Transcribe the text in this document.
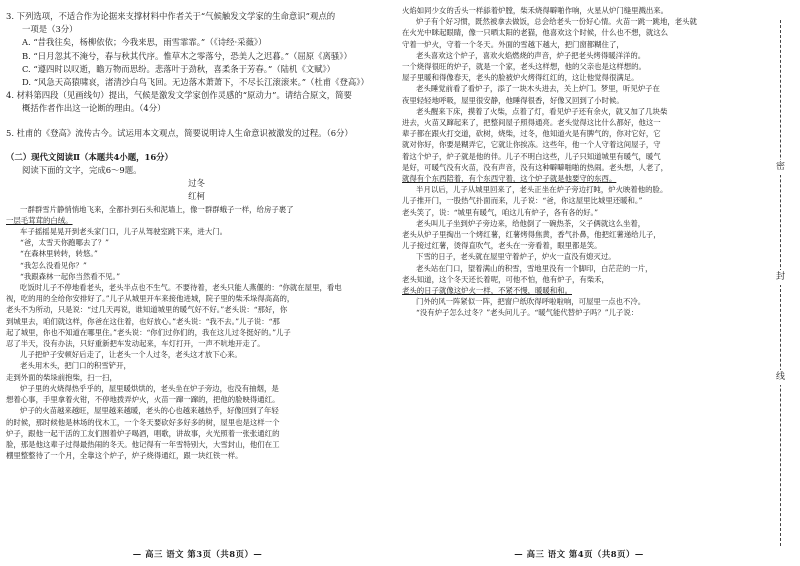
3. 下列选项，不适合作为论据来支撑材料中作者关于“气候触发文学家的生命意识”观点的

一项是（3分）

A. “昔我往矣，杨柳依依；今我来思，雨雪霏霏。”（《诗经·采薇》）

B. “日月忽其不淹兮，春与秋其代序。惟草木之零落兮，恐美人之迟暮。”（屈原《离骚》）

C. “遵四时以叹逝，瞻万物而思纷。悲落叶于劲秋，喜柔条于芳春。”（陆机《文赋》）

D. “风急天高猿啸哀，渚清沙白鸟飞回。无边落木萧萧下，不尽长江滚滚来。”（杜甫《登高》）

4. 材料第四段（见画线句）提出，气候是激发文学家创作灵感的“原动力”。请结合原文，简要

概括作者作出这一论断的理由。（4分）

5. 杜甫的《登高》流传古今。试运用本文观点，简要说明诗人生命意识被激发的过程。（6分）

（二）现代文阅读Ⅱ（本题共4小题，16分）

阅读下面的文字，完成6～9题。

过冬

红柯

一群群雪片静悄悄地飞来，全都扑到石头和泥墙上，像一群群蛾子一样，给房子裹了

一层毛茸茸的白绒。

车子摇摇晃晃开到老头家门口，儿子从驾驶室跳下来，进大门。

“爸，太雪天你跑哪去了？”

“在森林里转转，转悠。”

“我怎么没看见你？”

“我跟森林一起你当然看不见。”

吃饭时儿子不停地看老头，老头半点也不生气。不要待着，老头只能人燕偃的：“你就在屋里，看电

视，吃的用的全给你安排好了。”儿子从城里开车来接他进城，院子里的柴禾垛得高高的，

老头不为所动，只是说：“过几天再说，谁知道城里的暖气好不好。”老头说：“那好，你

到城里去，咱们就这样，你爸在这住着，也好放心。”老头说：“我不去。”儿子说：“那

起了城里，你也不知道在哪里住。”老头说：“你们过你们的，我在这儿过冬挺好的。”儿子

忍了半天，没有办法，只好重新把车发动起来，车灯打开，一声不吭地开走了。

儿子把炉子安顿好后走了，让老头一个人过冬，老头这才放下心来。

老头用木头，把门口的积雪铲开，

走到外面的柴垛前抱柴，扫一扫，

炉子里的火烧得热乎乎的，屋里暖烘烘的，老头坐在炉子旁边，也没有抽烟，是

想着心事，手里拿着火钳，不停地拨弄炉火，火苗一蹿一蹿的，把他的脸映得通红。

炉子的火苗越来越旺，屋里越来越暖，老头的心也越来越热乎，好像回到了年轻

的时候，那时候他是林场的伐木工，一个冬天要砍好多好多的树，屋里也是这样一个

炉子，跟他一起干活的工友们围着炉子喝酒，唱歌，讲故事，火光照着一张张通红的

脸，那是他这辈子过得最热闹的冬天。他记得有一年雪特别大，大雪封山，他们在工

棚里整整待了一个月，全靠这个炉子，炉子烧得通红，跟一块红铁一样。

— 高三 语文 第3页（共8页）—

火焰如同少女的舌头一样舔着炉膛，柴禾烧得噼啪作响，火星从炉门缝里溅出来。

炉子有个好习惯，既然被拿去做饭，总会给老头一份好心情。火苗一跳一跳地，老头就

在火光中眯起眼睛，像一只晒太阳的老猫，他喜欢这个时候，什么也不想，就这么

守着一炉火，守着一个冬天。外面的雪越下越大，把门窗都糊住了，

老头喜欢这个炉子，喜欢火焰燃烧的声音，炉子把老头烤得暖洋洋的。

一个烧得很旺的炉子，就是一个家，老头这样想，他的父亲也是这样想的。

屋子里暖和得像春天，老头的脸被炉火烤得红红的，这让他觉得很满足。

老头睡觉前看了看炉子，添了一块木头进去，关上炉门。梦里，听见炉子在

夜里轻轻地呼吸，屋里很安静，他睡得很香，好像又回到了小时候。

老头醒来下床，摸着了火柴，点着了灯，看见炉子还有余火，就又加了几块柴

进去，火苗又蹿起来了，把整间屋子照得通亮。老头觉得这比什么都好，他这一

辈子都在跟火打交道，砍树，烧柴，过冬，他知道火是有脾气的，你对它好，它

就对你好，你要是糊弄它，它就让你挨冻。这些年，他一个人守着这间屋子，守

着这个炉子，炉子就是他的伴。儿子不明白这些，儿子只知道城里有暖气，暖气

是好，可暖气没有火苗，没有声音，没有这种噼噼啪啪的热闹。老头想，人老了，

就得有个东西陪着，有个东西守着，这个炉子就是他要守的东西。

半月以后，儿子从城里回来了，老头正坐在炉子旁边打盹，炉火映着他的脸。

儿子推开门，一股热气扑面而来，儿子说：“爸，你这屋里比城里还暖和。”

老头笑了，说：“城里有暖气，咱这儿有炉子，各有各的好。”

老头叫儿子坐到炉子旁边来，给他倒了一碗热茶，父子俩就这么坐着，

老头从炉子里掏出一个烤红薯，红薯烤得焦黄，香气扑鼻，他把红薯递给儿子，

儿子接过红薯，烫得直吹气，老头在一旁看着，眼里都是笑。

下雪的日子，老头就在屋里守着炉子，炉火一直没有熄灭过。

老头站在门口，望着满山的积雪，雪地里没有一个脚印，白茫茫的一片，

老头知道，这个冬天还长着呢，可他不怕，他有炉子，有柴禾，

老头的日子就像这炉火一样，不紧不慢，暖暖和和。

门外的风一阵紧似一阵，把窗户纸吹得呼啦啦响，可屋里一点也不冷。

“没有炉子怎么过冬？”老头问儿子。“暖气能代替炉子吗？”儿子说：

— 高三 语文 第4页（共8页）—
密
封
线
